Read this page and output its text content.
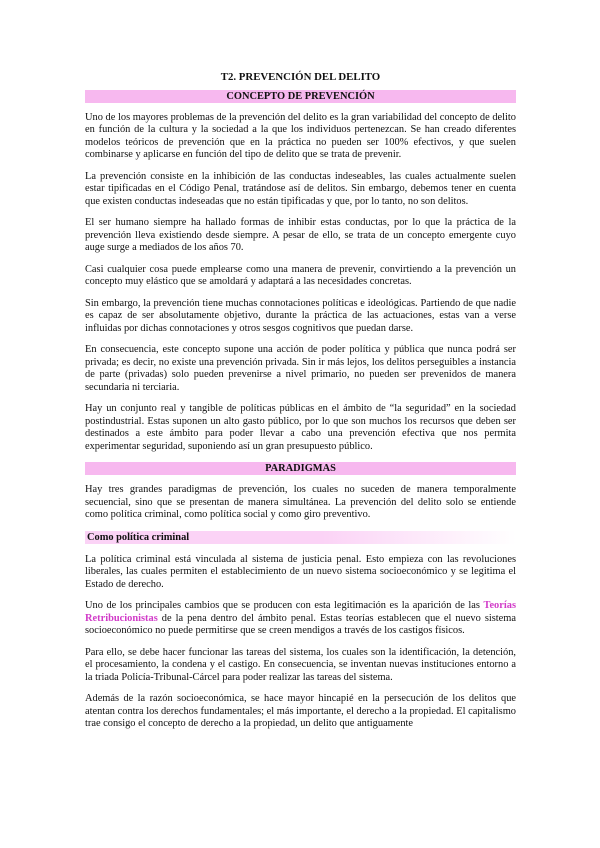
T2. PREVENCIÓN DEL DELITO
CONCEPTO DE PREVENCIÓN

Uno de los mayores problemas de la prevención del delito es la gran variabilidad del concepto de delito en función de la cultura y la sociedad a la que los individuos pertenezcan. Se han creado diferentes modelos teóricos de prevención que en la práctica no pueden ser 100% efectivos, y que suelen combinarse y aplicarse en función del tipo de delito que se trata de prevenir.

La prevención consiste en la inhibición de las conductas indeseables, las cuales actualmente suelen estar tipificadas en el Código Penal, tratándose así de delitos. Sin embargo, debemos tener en cuenta que existen conductas indeseadas que no están tipificadas y que, por lo tanto, no son delitos.

El ser humano siempre ha hallado formas de inhibir estas conductas, por lo que la práctica de la prevención lleva existiendo desde siempre. A pesar de ello, se trata de un concepto emergente cuyo auge surge a mediados de los años 70.

Casi cualquier cosa puede emplearse como una manera de prevenir, convirtiendo a la prevención un concepto muy elástico que se amoldará y adaptará a las necesidades concretas.

Sin embargo, la prevención tiene muchas connotaciones políticas e ideológicas. Partiendo de que nadie es capaz de ser absolutamente objetivo, durante la práctica de las actuaciones, estas van a verse influidas por dichas connotaciones y otros sesgos cognitivos que puedan darse.

En consecuencia, este concepto supone una acción de poder política y pública que nunca podrá ser privada; es decir, no existe una prevención privada. Sin ir más lejos, los delitos perseguibles a instancia de parte (privadas) solo pueden prevenirse a nivel primario, no pueden ser prevenidos de manera secundaria ni terciaria.

Hay un conjunto real y tangible de políticas públicas en el ámbito de “la seguridad” en la sociedad postindustrial. Estas suponen un alto gasto público, por lo que son muchos los recursos que deben ser destinados a este ámbito para poder llevar a cabo una prevención efectiva que nos permita experimentar seguridad, suponiendo así un gran presupuesto público.

PARADIGMAS

Hay tres grandes paradigmas de prevención, los cuales no suceden de manera temporalmente secuencial, sino que se presentan de manera simultánea. La prevención del delito solo se entiende como política criminal, como política social y como giro preventivo.

Como política criminal

La política criminal está vinculada al sistema de justicia penal. Esto empieza con las revoluciones liberales, las cuales permiten el establecimiento de un nuevo sistema socioeconómico y se legitima el Estado de derecho.

Uno de los principales cambios que se producen con esta legitimación es la aparición de las Teorías Retribucionistas de la pena dentro del ámbito penal. Estas teorías establecen que el nuevo sistema socioeconómico no puede permitirse que se creen mendigos a través de los castigos físicos.

Para ello, se debe hacer funcionar las tareas del sistema, los cuales son la identificación, la detención, el procesamiento, la condena y el castigo. En consecuencia, se inventan nuevas instituciones entorno a la triada Policía-Tribunal-Cárcel para poder realizar las tareas del sistema.

Además de la razón socioeconómica, se hace mayor hincapié en la persecución de los delitos que atentan contra los derechos fundamentales; el más importante, el derecho a la propiedad. El capitalismo trae consigo el concepto de derecho a la propiedad, un delito que antiguamente
